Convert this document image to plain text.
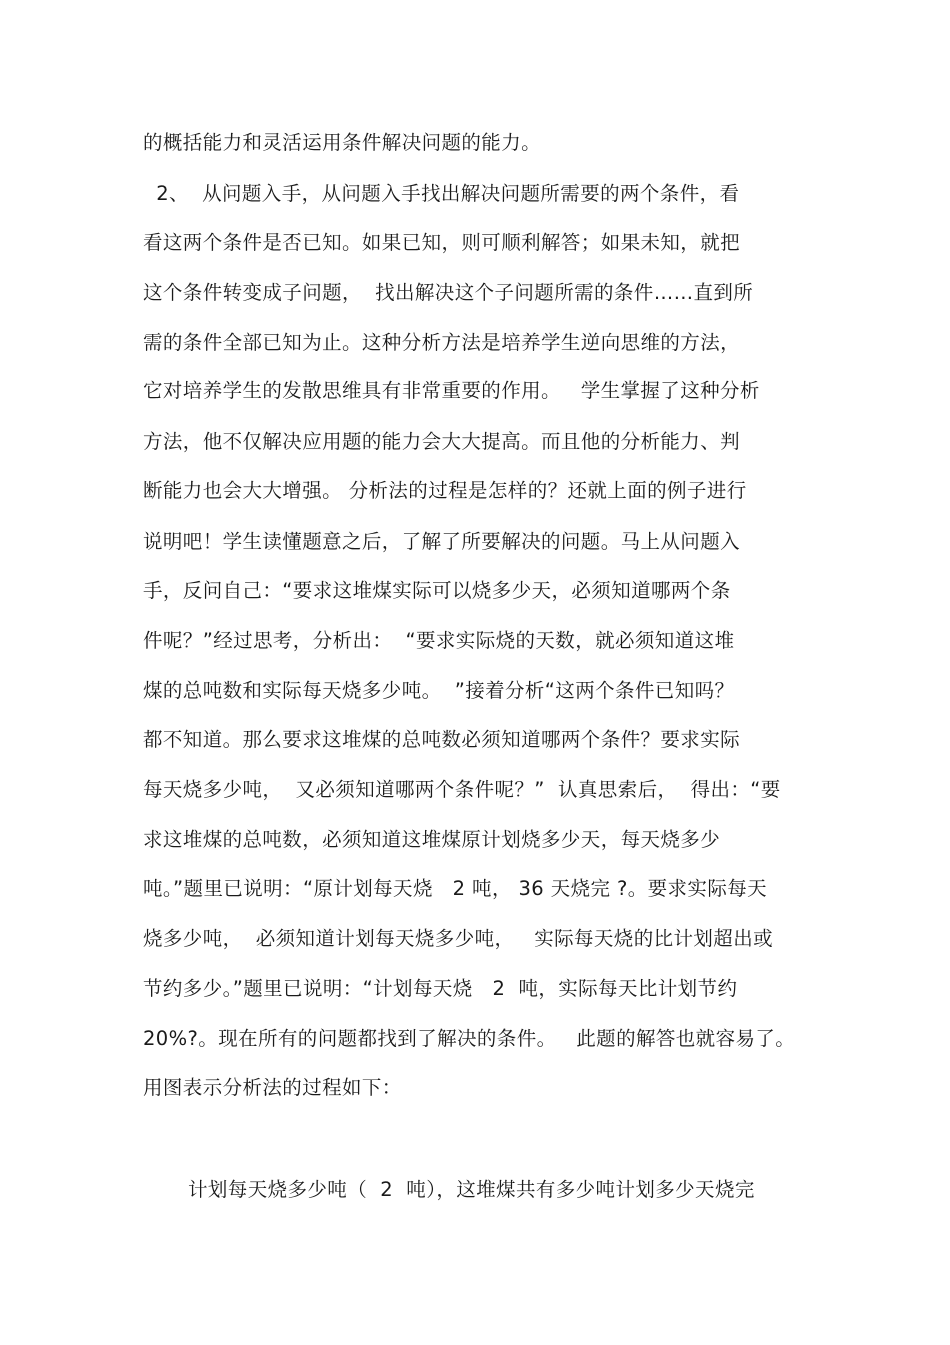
的概括能力和灵活运用条件解决问题的能力。
2、  从问题入手，从问题入手找出解决问题所需要的两个条件，看
看这两个条件是否已知。如果已知，则可顺利解答；如果未知，就把
这个条件转变成子问题，  找出解决这个子问题所需的条件……直到所
需的条件全部已知为止。这种分析方法是培养学生逆向思维的方法，
它对培养学生的发散思维具有非常重要的作用。   学生掌握了这种分析
方法，他不仅解决应用题的能力会大大提高。而且他的分析能力、判
断能力也会大大增强。 分析法的过程是怎样的？还就上面的例子进行
说明吧！学生读懂题意之后，了解了所要解决的问题。马上从问题入
手，反问自己：“要求这堆煤实际可以烧多少天，必须知道哪两个条
件呢？”经过思考，分析出：  “要求实际烧的天数，就必须知道这堆
煤的总吨数和实际每天烧多少吨。  ”接着分析“这两个条件已知吗？
都不知道。那么要求这堆煤的总吨数必须知道哪两个条件？要求实际
每天烧多少吨，  又必须知道哪两个条件呢？”  认真思索后，  得出：“要
求这堆煤的总吨数，必须知道这堆煤原计划烧多少天，每天烧多少
吨。”题里已说明：“原计划每天烧   2 吨， 36 天烧完 ?。要求实际每天
烧多少吨，  必须知道计划每天烧多少吨，   实际每天烧的比计划超出或
节约多少。”题里已说明：“计划每天烧   2  吨，实际每天比计划节约
20%?。现在所有的问题都找到了解决的条件。   此题的解答也就容易了。
用图表示分析法的过程如下：
计划每天烧多少吨（  2  吨），这堆煤共有多少吨计划多少天烧完
